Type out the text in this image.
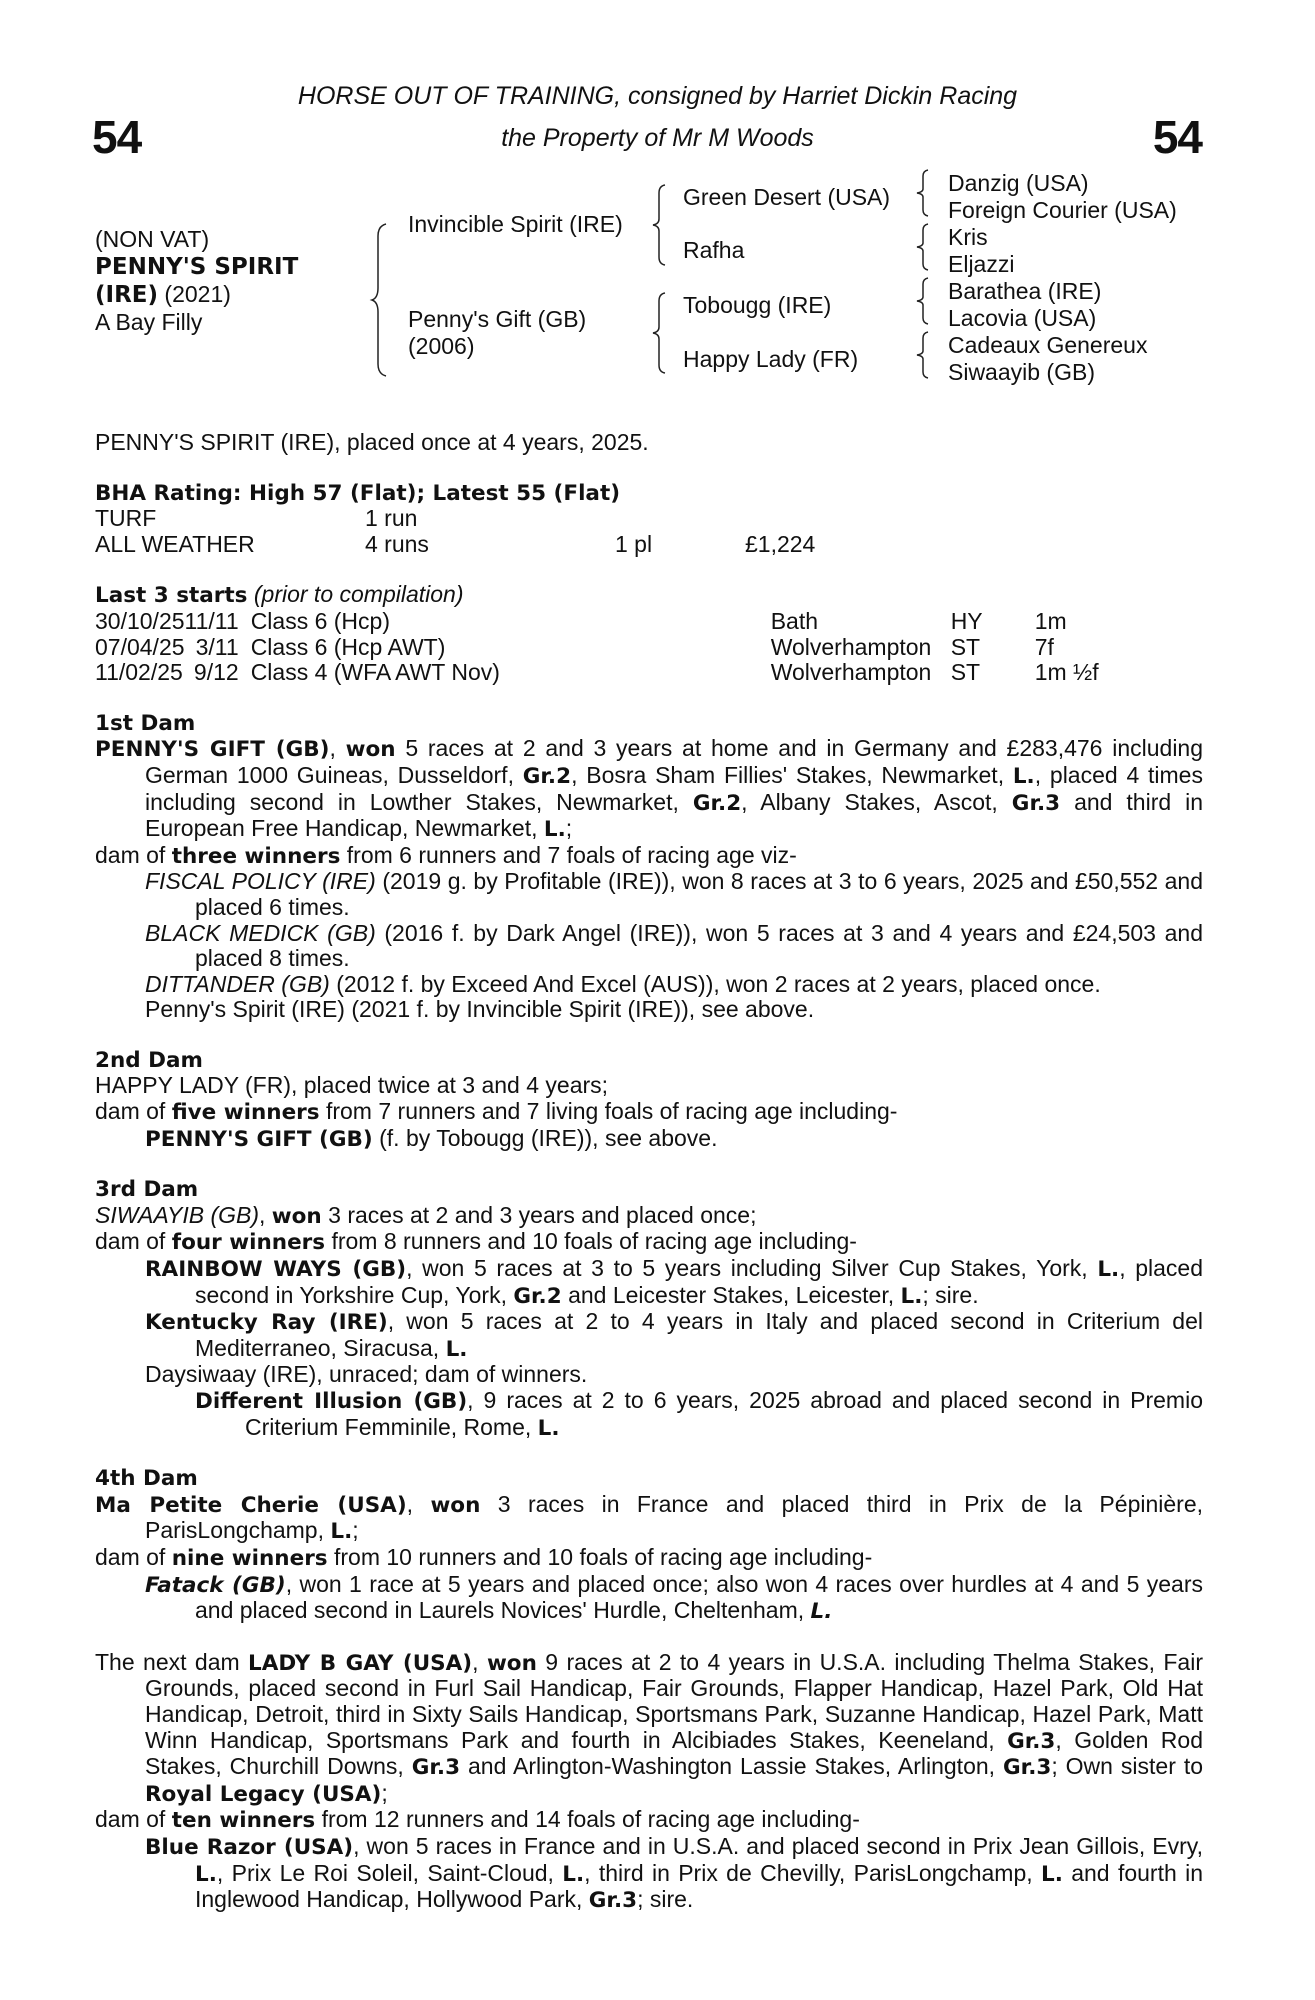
54	54
HORSE OUT OF TRAINING, consigned by Harriet Dickin Racing
the Property of Mr M Woods
(NON VAT)
PENNY'S SPIRIT
(IRE) (2021)
A Bay Filly
Invincible Spirit (IRE)
Penny's Gift (GB)
(2006)
Green Desert (USA)
Rafha
Tobougg (IRE)
Happy Lady (FR)
Danzig (USA)
Foreign Courier (USA)
Kris
Eljazzi
Barathea (IRE)
Lacovia (USA)
Cadeaux Genereux
Siwaayib (GB)

PENNY'S SPIRIT (IRE), placed once at 4 years, 2025.

BHA Rating: High 57 (Flat); Latest 55 (Flat)

TURF	1 run		
ALL WEATHER	4 runs	1 pl	£1,224

Last 3 starts (prior to compilation)

30/10/25	11/11	Class 6 (Hcp)	Bath	HY	1m
07/04/25	3/11	Class 6 (Hcp AWT)	Wolverhampton	ST	7f
11/02/25	9/12	Class 4 (WFA AWT Nov)	Wolverhampton	ST	1m ½f

1st Dam

PENNY'S GIFT (GB), won 5 races at 2 and 3 years at home and in Germany and £283,476 including German 1000 Guineas, Dusseldorf, Gr.2, Bosra Sham Fillies' Stakes, Newmarket, L., placed 4 times including second in Lowther Stakes, Newmarket, Gr.2, Albany Stakes, Ascot, Gr.3 and third in European Free Handicap, Newmarket, L.;

dam of three winners from 6 runners and 7 foals of racing age viz-

FISCAL POLICY (IRE) (2019 g. by Profitable (IRE)), won 8 races at 3 to 6 years, 2025 and £50,552 and placed 6 times.

BLACK MEDICK (GB) (2016 f. by Dark Angel (IRE)), won 5 races at 3 and 4 years and £24,503 and placed 8 times.

DITTANDER (GB) (2012 f. by Exceed And Excel (AUS)), won 2 races at 2 years, placed once.

Penny's Spirit (IRE) (2021 f. by Invincible Spirit (IRE)), see above.

2nd Dam

HAPPY LADY (FR), placed twice at 3 and 4 years;

dam of five winners from 7 runners and 7 living foals of racing age including-

PENNY'S GIFT (GB) (f. by Tobougg (IRE)), see above.

3rd Dam

SIWAAYIB (GB), won 3 races at 2 and 3 years and placed once;

dam of four winners from 8 runners and 10 foals of racing age including-

RAINBOW WAYS (GB), won 5 races at 3 to 5 years including Silver Cup Stakes, York, L., placed second in Yorkshire Cup, York, Gr.2 and Leicester Stakes, Leicester, L.; sire.

Kentucky Ray (IRE), won 5 races at 2 to 4 years in Italy and placed second in Criterium del Mediterraneo, Siracusa, L.

Daysiwaay (IRE), unraced; dam of winners.

Different Illusion (GB), 9 races at 2 to 6 years, 2025 abroad and placed second in Premio Criterium Femminile, Rome, L.

4th Dam

Ma Petite Cherie (USA), won 3 races in France and placed third in Prix de la Pépinière, ParisLongchamp, L.;

dam of nine winners from 10 runners and 10 foals of racing age including-

Fatack (GB), won 1 race at 5 years and placed once; also won 4 races over hurdles at 4 and 5 years and placed second in Laurels Novices' Hurdle, Cheltenham, L.

The next dam LADY B GAY (USA), won 9 races at 2 to 4 years in U.S.A. including Thelma Stakes, Fair Grounds, placed second in Furl Sail Handicap, Fair Grounds, Flapper Handicap, Hazel Park, Old Hat Handicap, Detroit, third in Sixty Sails Handicap, Sportsmans Park, Suzanne Handicap, Hazel Park, Matt Winn Handicap, Sportsmans Park and fourth in Alcibiades Stakes, Keeneland, Gr.3, Golden Rod Stakes, Churchill Downs, Gr.3 and Arlington-Washington Lassie Stakes, Arlington, Gr.3; Own sister to Royal Legacy (USA);

dam of ten winners from 12 runners and 14 foals of racing age including-

Blue Razor (USA), won 5 races in France and in U.S.A. and placed second in Prix Jean Gillois, Evry, L., Prix Le Roi Soleil, Saint-Cloud, L., third in Prix de Chevilly, ParisLongchamp, L. and fourth in Inglewood Handicap, Hollywood Park, Gr.3; sire.
